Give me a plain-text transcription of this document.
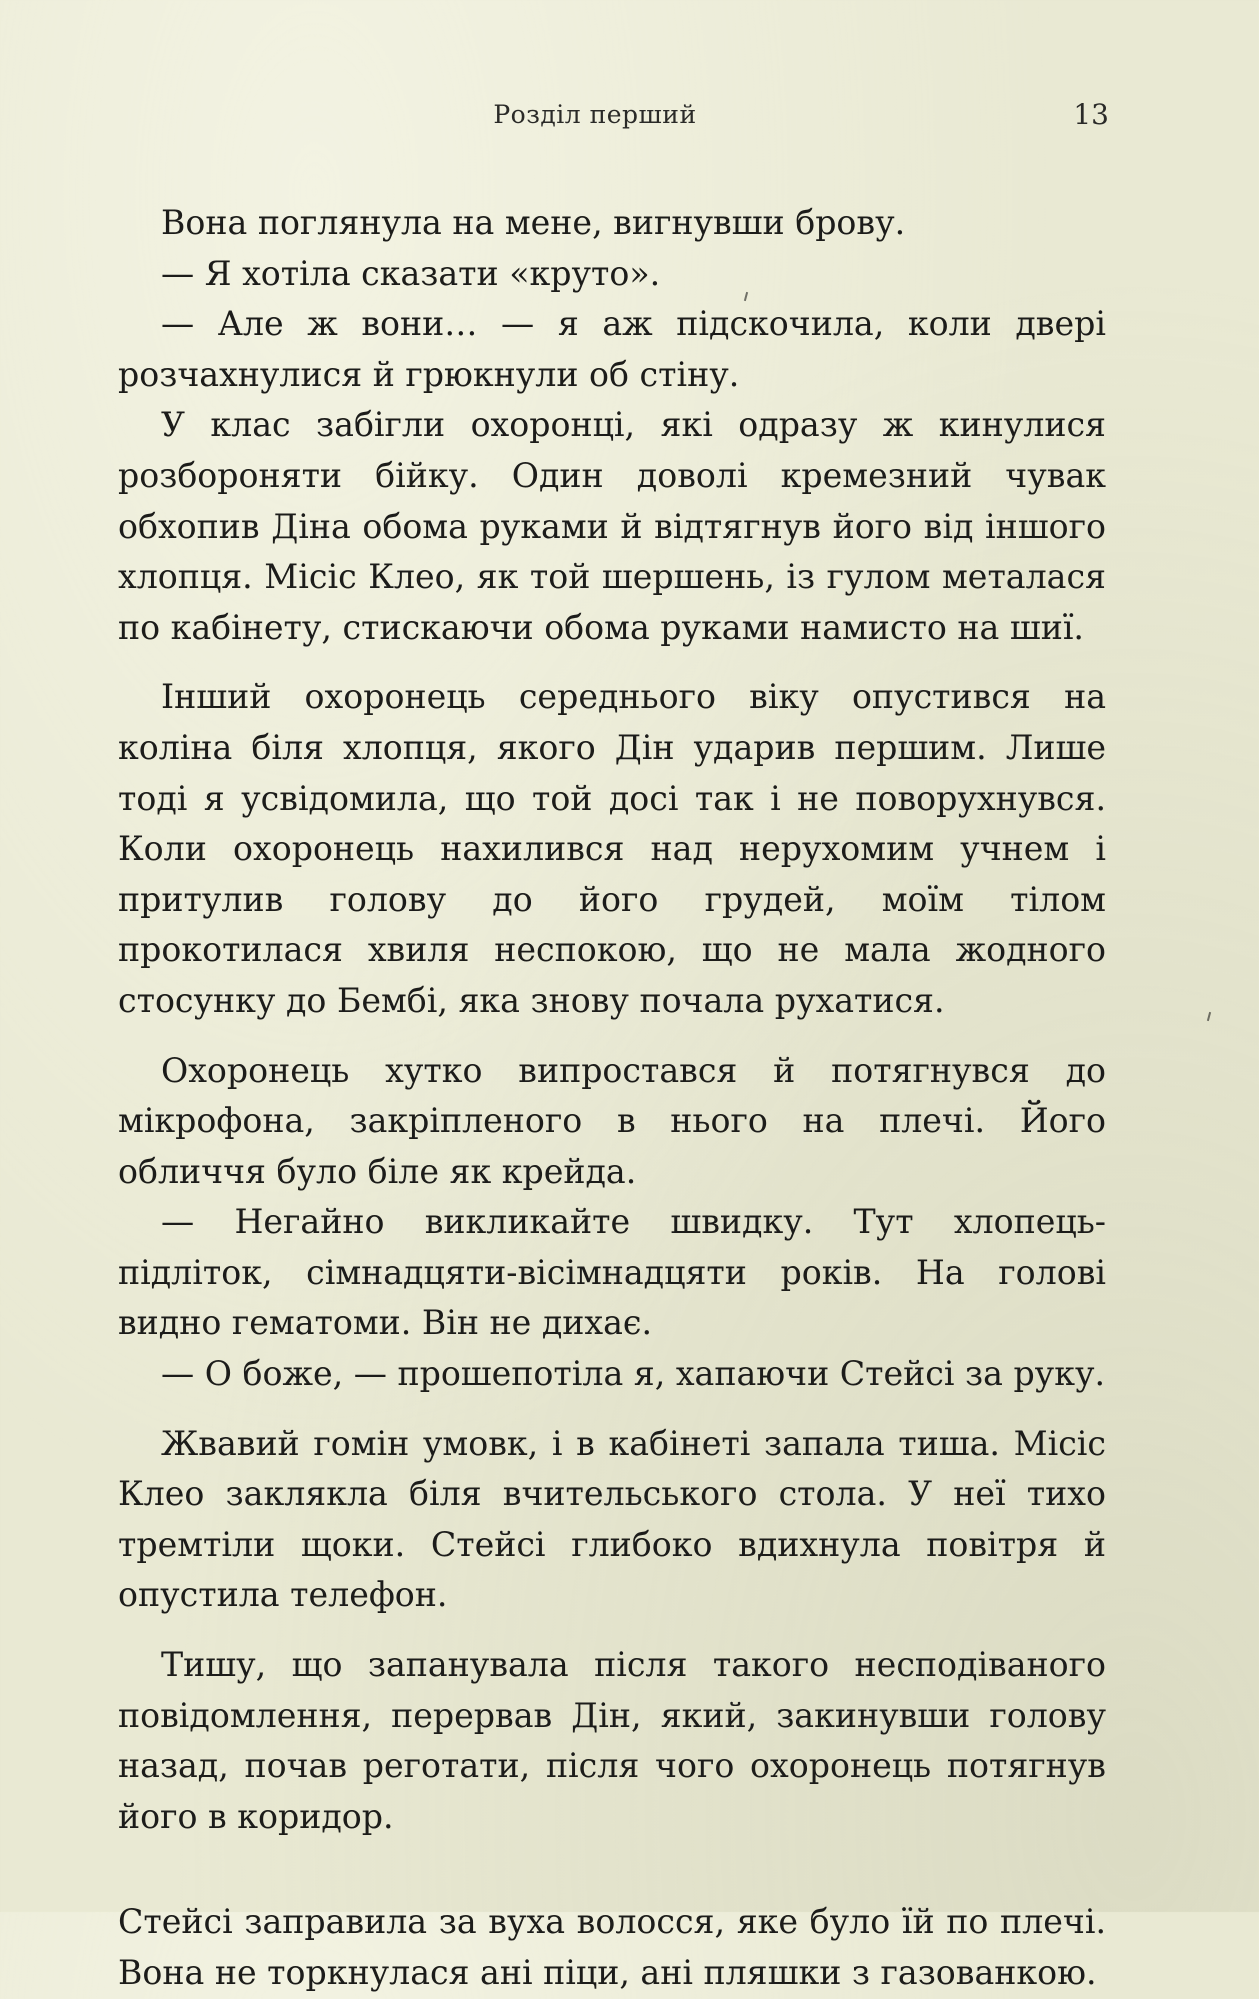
Розділ перший	13

Вона поглянула на мене, вигнувши брову.

— Я хотіла сказати «круто».

— Але ж вони… — я аж підскочила, коли двері розчахнулися й грюкнули об стіну.

У клас забігли охоронці, які одразу ж кинулися розбороняти бійку. Один доволі кремезний чувак обхопив Діна обома руками й відтягнув його від іншого хлопця. Місіс Клео, як той шершень, із гулом металася по кабінету, стискаючи обома руками намисто на шиї.

Інший охоронець середнього віку опустився на коліна біля хлопця, якого Дін ударив першим. Лише тоді я усвідомила, що той досі так і не поворухнувся. Коли охоронець нахилився над нерухомим учнем і притулив голову до його грудей, моїм тілом прокотилася хвиля неспокою, що не мала жодного стосунку до Бембі, яка знову почала рухатися.

Охоронець хутко випростався й потягнувся до мікрофона, закріпленого в нього на плечі. Його обличчя було біле як крейда.

— Негайно викликайте швидку. Тут хлопець-підліток, сімнадцяти-вісімнадцяти років. На голові видно гематоми. Він не дихає.

— О боже, — прошепотіла я, хапаючи Стейсі за руку.

Жвавий гомін умовк, і в кабінеті запала тиша. Місіс Клео заклякла біля вчительського стола. У неї тихо тремтіли щоки. Стейсі глибоко вдихнула повітря й опустила телефон.

Тишу, що запанувала після такого несподіваного повідомлення, перервав Дін, який, закинувши голову назад, почав реготати, після чого охоронець потягнув його в коридор.

Стейсі заправила за вуха волосся, яке було їй по плечі. Вона не торкнулася ані піци, ані пляшки з газованкою.
